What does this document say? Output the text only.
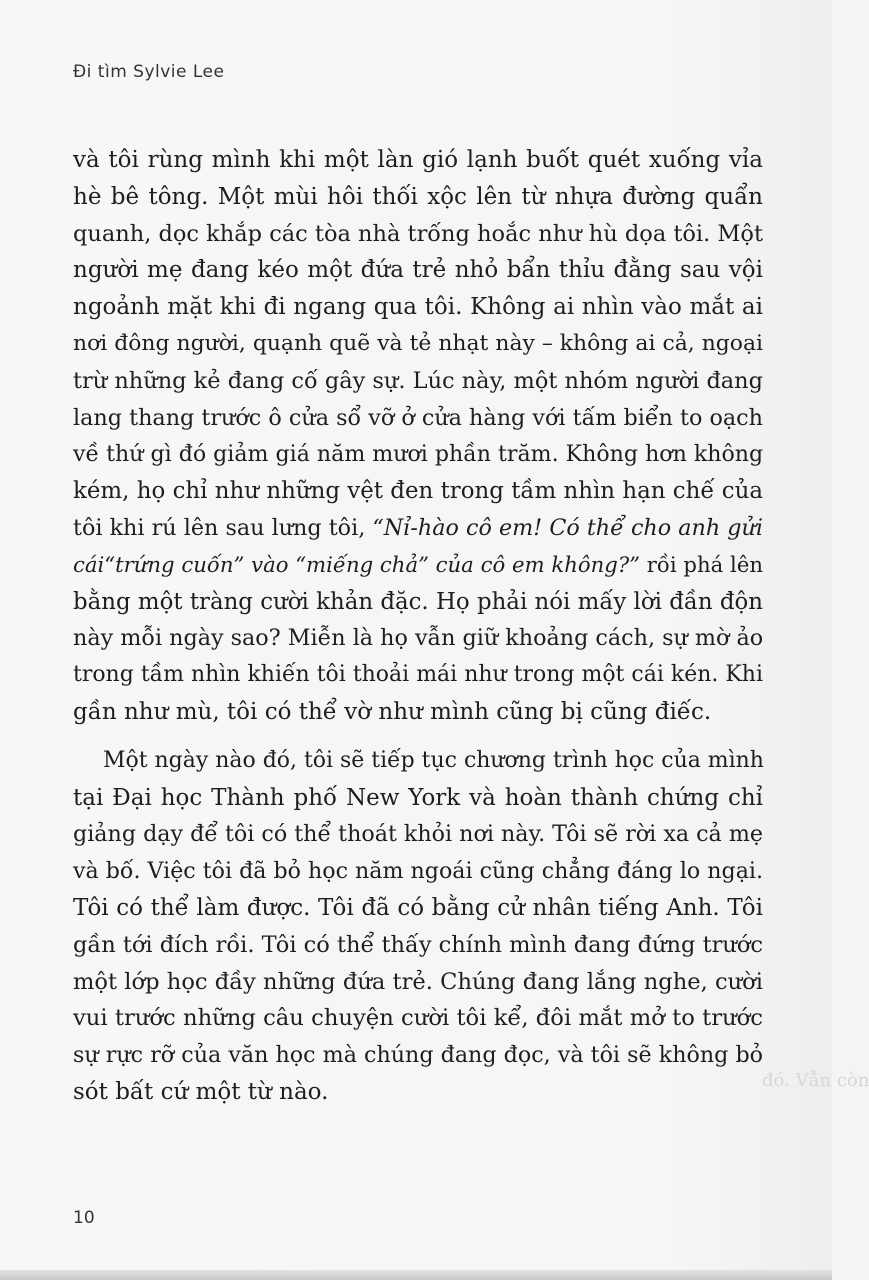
Đi tìm Sylvie Lee

và tôi rùng mình khi một làn gió lạnh buốt quét xuống vỉa
hè bê tông. Một mùi hôi thối xộc lên từ nhựa đường quẩn
quanh, dọc khắp các tòa nhà trống hoắc như hù dọa tôi. Một
người mẹ đang kéo một đứa trẻ nhỏ bẩn thỉu đằng sau vội
ngoảnh mặt khi đi ngang qua tôi. Không ai nhìn vào mắt ai
nơi đông người, quạnh quẽ và tẻ nhạt này – không ai cả, ngoại
trừ những kẻ đang cố gây sự. Lúc này, một nhóm người đang
lang thang trước ô cửa sổ vỡ ở cửa hàng với tấm biển to oạch
về thứ gì đó giảm giá năm mươi phần trăm. Không hơn không
kém, họ chỉ như những vệt đen trong tầm nhìn hạn chế của
tôi khi rú lên sau lưng tôi, “Nỉ-hào cô em! Có thể cho anh gửi
cái“trứng cuốn” vào “miếng chả” của cô em không?” rồi phá lên
bằng một tràng cười khản đặc. Họ phải nói mấy lời đần độn
này mỗi ngày sao? Miễn là họ vẫn giữ khoảng cách, sự mờ ảo
trong tầm nhìn khiến tôi thoải mái như trong một cái kén. Khi
gần như mù, tôi có thể vờ như mình cũng bị cũng điếc.

Một ngày nào đó, tôi sẽ tiếp tục chương trình học của mình
tại Đại học Thành phố New York và hoàn thành chứng chỉ
giảng dạy để tôi có thể thoát khỏi nơi này. Tôi sẽ rời xa cả mẹ
và bố. Việc tôi đã bỏ học năm ngoái cũng chẳng đáng lo ngại.
Tôi có thể làm được. Tôi đã có bằng cử nhân tiếng Anh. Tôi
gần tới đích rồi. Tôi có thể thấy chính mình đang đứng trước
một lớp học đầy những đứa trẻ. Chúng đang lắng nghe, cười
vui trước những câu chuyện cười tôi kể, đôi mắt mở to trước
sự rực rỡ của văn học mà chúng đang đọc, và tôi sẽ không bỏ
sót bất cứ một từ nào.	đó. Vẫn còn
10
